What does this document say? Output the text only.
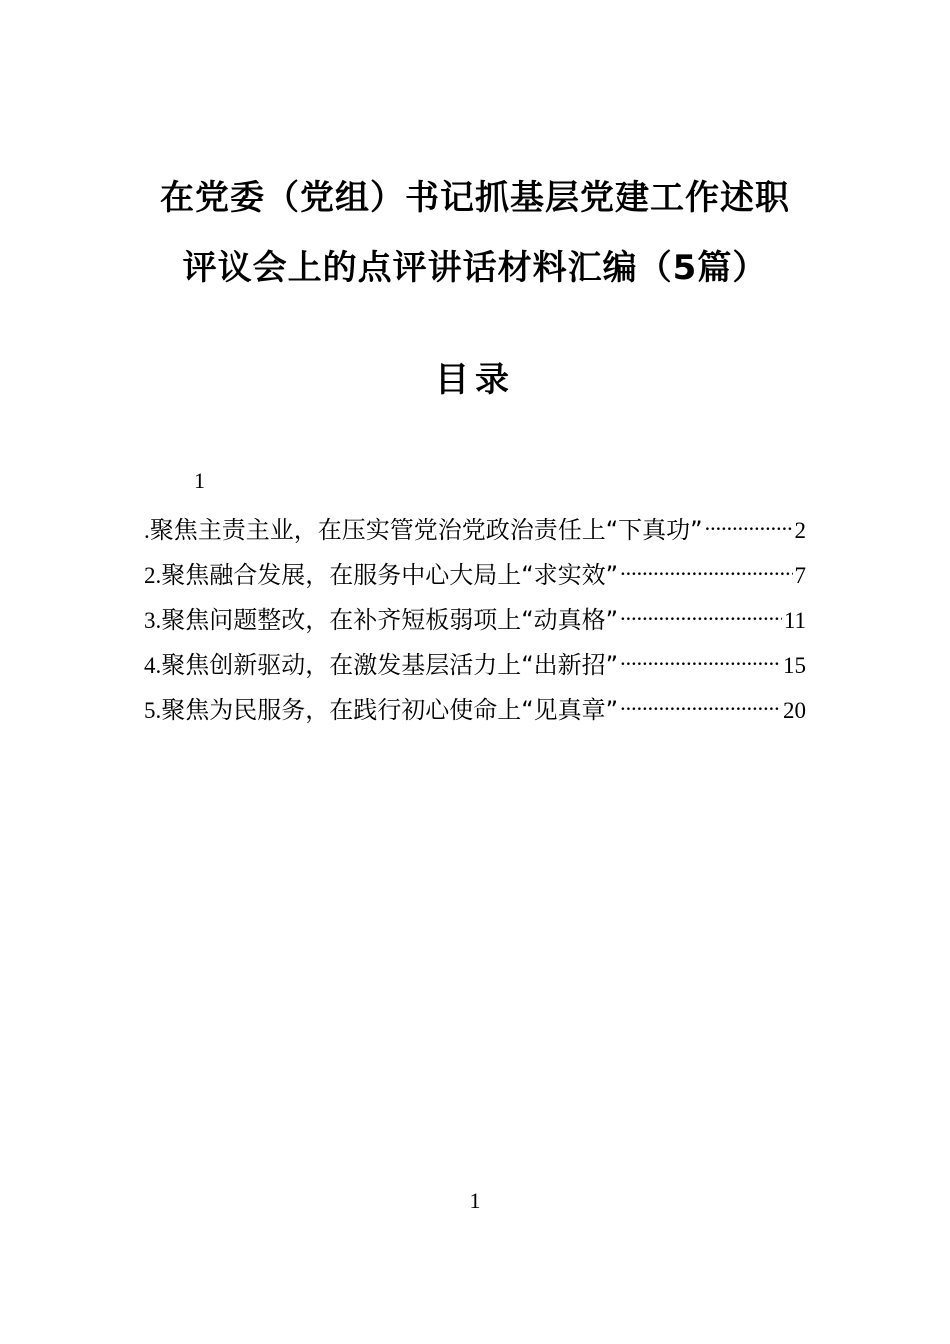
在党委（党组）书记抓基层党建工作述职
评议会上的点评讲话材料汇编（5篇）
目录
1
. 聚焦主责主业，在压实管党治党政治责任上“下真功” .....	2
2. 聚焦融合发展，在服务中心大局上“求实效” .....	7
3. 聚焦问题整改，在补齐短板弱项上“动真格” .....	11
4. 聚焦创新驱动，在激发基层活力上“出新招” .....	15
5. 聚焦为民服务，在践行初心使命上“见真章” .....	20
1
